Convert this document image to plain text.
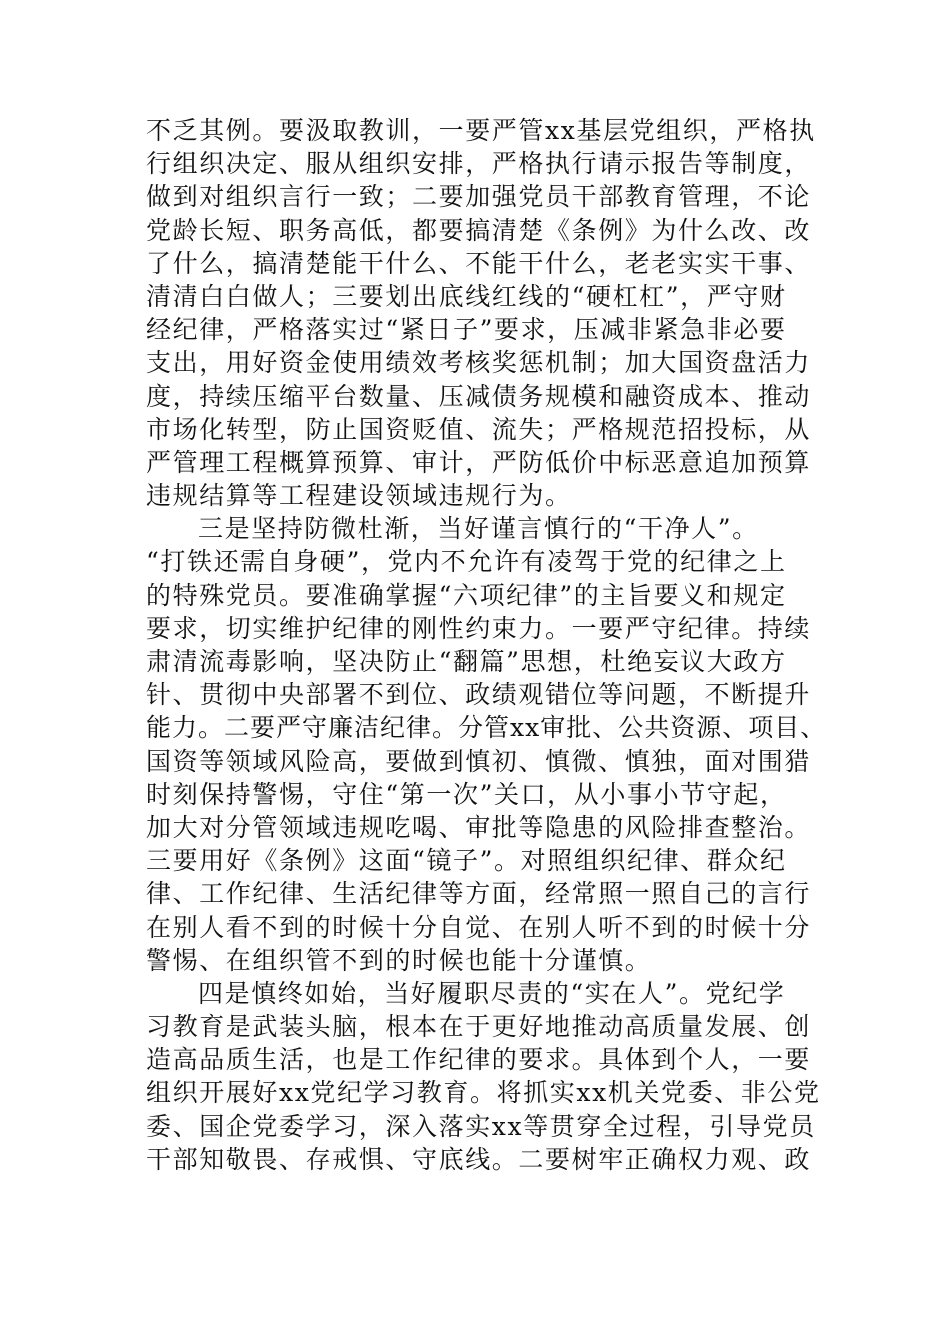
不乏其例。要汲取教训，一要严管xx基层党组织，严格执
行组织决定、服从组织安排，严格执行请示报告等制度，
做到对组织言行一致；二要加强党员干部教育管理，不论
党龄长短、职务高低，都要搞清楚《条例》为什么改、改
了什么，搞清楚能干什么、不能干什么，老老实实干事、
清清白白做人；三要划出底线红线的“硬杠杠”，严守财
经纪律，严格落实过“紧日子”要求，压减非紧急非必要
支出，用好资金使用绩效考核奖惩机制；加大国资盘活力
度，持续压缩平台数量、压减债务规模和融资成本、推动
市场化转型，防止国资贬值、流失；严格规范招投标，从
严管理工程概算预算、审计，严防低价中标恶意追加预算
违规结算等工程建设领域违规行为。
三是坚持防微杜渐，当好谨言慎行的“干净人”。
“打铁还需自身硬”，党内不允许有凌驾于党的纪律之上
的特殊党员。要准确掌握“六项纪律”的主旨要义和规定
要求，切实维护纪律的刚性约束力。一要严守纪律。持续
肃清流毒影响，坚决防止“翻篇”思想，杜绝妄议大政方
针、贯彻中央部署不到位、政绩观错位等问题，不断提升
能力。二要严守廉洁纪律。分管xx审批、公共资源、项目、
国资等领域风险高，要做到慎初、慎微、慎独，面对围猎
时刻保持警惕，守住“第一次”关口，从小事小节守起，
加大对分管领域违规吃喝、审批等隐患的风险排查整治。
三要用好《条例》这面“镜子”。对照组织纪律、群众纪
律、工作纪律、生活纪律等方面，经常照一照自己的言行
在别人看不到的时候十分自觉、在别人听不到的时候十分
警惕、在组织管不到的时候也能十分谨慎。
四是慎终如始，当好履职尽责的“实在人”。党纪学
习教育是武装头脑，根本在于更好地推动高质量发展、创
造高品质生活，也是工作纪律的要求。具体到个人，一要
组织开展好xx党纪学习教育。将抓实xx机关党委、非公党
委、国企党委学习，深入落实xx等贯穿全过程，引导党员
干部知敬畏、存戒惧、守底线。二要树牢正确权力观、政
